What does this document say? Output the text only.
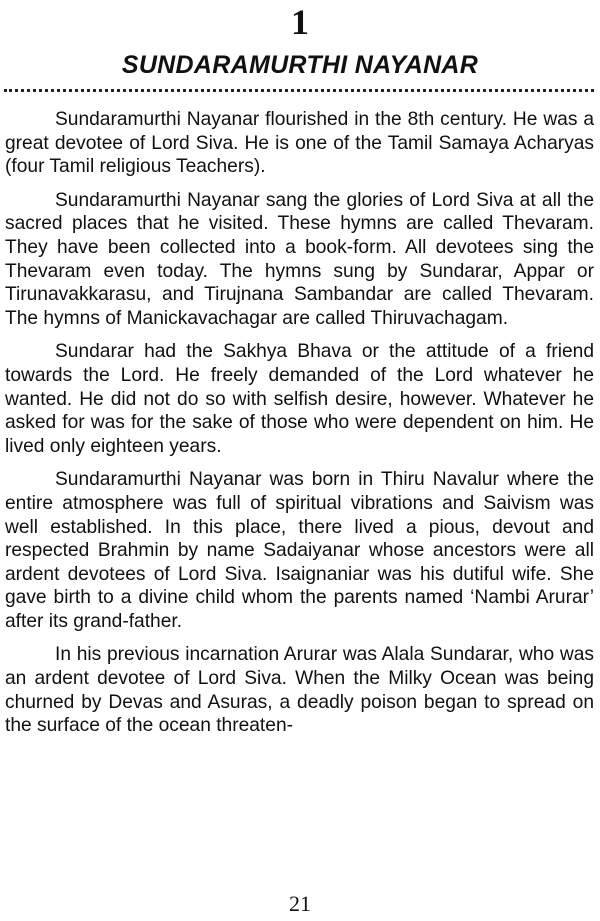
1
SUNDARAMURTHI NAYANAR

Sundaramurthi Nayanar flourished in the 8th century. He was a great devotee of Lord Siva. He is one of the Tamil Samaya Acharyas (four Tamil religious Teachers).

Sundaramurthi Nayanar sang the glories of Lord Siva at all the sacred places that he visited. These hymns are called Thevaram. They have been collected into a book-form. All devotees sing the Thevaram even today. The hymns sung by Sundarar, Appar or Tirunavakkarasu, and Tirujnana Sambandar are called Thevaram. The hymns of Manickavachagar are called Thiruvachagam.

Sundarar had the Sakhya Bhava or the attitude of a friend towards the Lord. He freely demanded of the Lord whatever he wanted. He did not do so with selfish desire, however. Whatever he asked for was for the sake of those who were dependent on him. He lived only eighteen years.

Sundaramurthi Nayanar was born in Thiru Navalur where the entire atmosphere was full of spiritual vibrations and Saivism was well established. In this place, there lived a pious, devout and respected Brahmin by name Sadaiyanar whose ancestors were all ardent devotees of Lord Siva. Isaignaniar was his dutiful wife. She gave birth to a divine child whom the parents named ‘Nambi Arurar’ after its grand-father.

In his previous incarnation Arurar was Alala Sundarar, who was an ardent devotee of Lord Siva. When the Milky Ocean was being churned by Devas and Asuras, a deadly poison began to spread on the surface of the ocean threaten-

21
